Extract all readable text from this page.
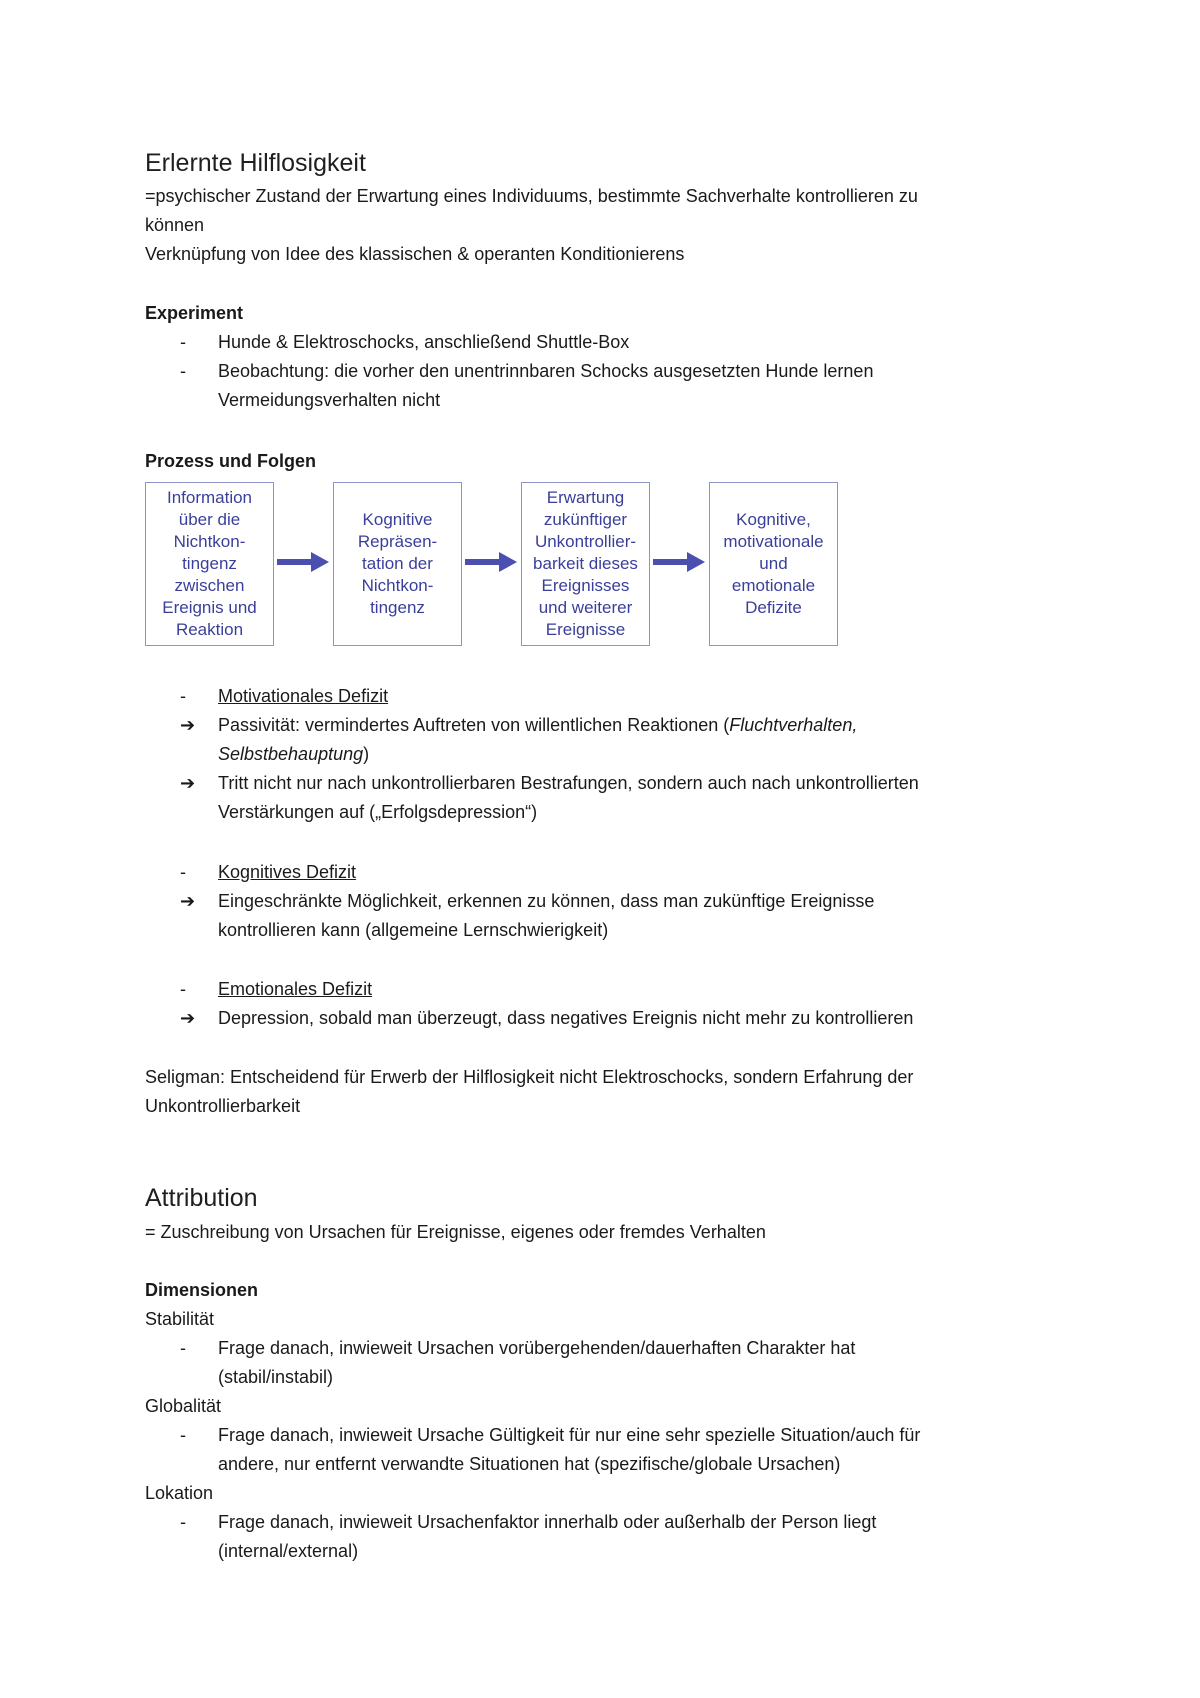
Erlernte Hilflosigkeit
=psychischer Zustand der Erwartung eines Individuums, bestimmte Sachverhalte kontrollieren zu
können
Verknüpfung von Idee des klassischen & operanten Konditionierens
Experiment
- Hunde & Elektroschocks, anschließend Shuttle-Box
- Beobachtung: die vorher den unentrinnbaren Schocks ausgesetzten Hunde lernen
Vermeidungsverhalten nicht
Prozess und Folgen
Information
über die
Nichtkon-
tingenz
zwischen
Ereignis und
Reaktion
Kognitive
Repräsen-
tation der
Nichtkon-
tingenz
Erwartung
zukünftiger
Unkontrollier-
barkeit dieses
Ereignisses
und weiterer
Ereignisse
Kognitive,
motivationale
und
emotionale
Defizite
- Motivationales Defizit
➔ Passivität: vermindertes Auftreten von willentlichen Reaktionen (Fluchtverhalten,
Selbstbehauptung)
➔ Tritt nicht nur nach unkontrollierbaren Bestrafungen, sondern auch nach unkontrollierten
Verstärkungen auf („Erfolgsdepression“)
- Kognitives Defizit
➔ Eingeschränkte Möglichkeit, erkennen zu können, dass man zukünftige Ereignisse
kontrollieren kann (allgemeine Lernschwierigkeit)
- Emotionales Defizit
➔ Depression, sobald man überzeugt, dass negatives Ereignis nicht mehr zu kontrollieren
Seligman: Entscheidend für Erwerb der Hilflosigkeit nicht Elektroschocks, sondern Erfahrung der
Unkontrollierbarkeit
Attribution
= Zuschreibung von Ursachen für Ereignisse, eigenes oder fremdes Verhalten
Dimensionen
Stabilität
- Frage danach, inwieweit Ursachen vorübergehenden/dauerhaften Charakter hat
(stabil/instabil)
Globalität
- Frage danach, inwieweit Ursache Gültigkeit für nur eine sehr spezielle Situation/auch für
andere, nur entfernt verwandte Situationen hat (spezifische/globale Ursachen)
Lokation
- Frage danach, inwieweit Ursachenfaktor innerhalb oder außerhalb der Person liegt
(internal/external)
